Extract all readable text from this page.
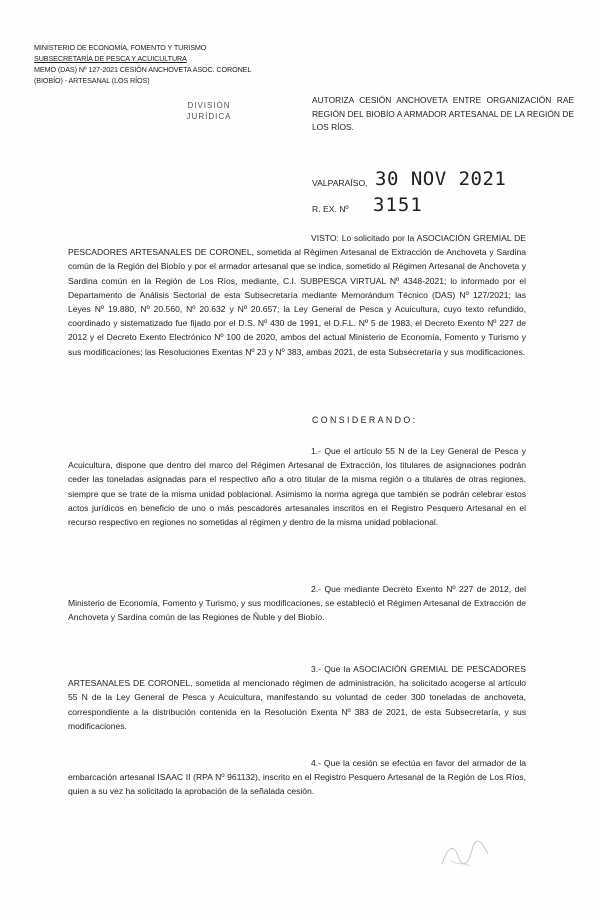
MINISTERIO DE ECONOMÍA, FOMENTO Y TURISMO
SUBSECRETARÍA DE PESCA Y ACUICULTURA
MEMO (DAS) Nº 127-2021 CESIÓN ANCHOVETA ASOC. CORONEL
(BIOBÍO) - ARTESANAL (LOS RÍOS)
DIVISIÓN
JURÍDICA
AUTORIZA CESIÓN ANCHOVETA ENTRE ORGANIZACIÓN RAE REGIÓN DEL BIOBÍO A ARMADOR ARTESANAL DE LA REGIÓN DE LOS RÍOS.
VALPARAÍSO, 30 NOV 2021
R. EX. Nº 3151
VISTO: Lo solicitado por la ASOCIACIÓN GREMIAL DE PESCADORES ARTESANALES DE CORONEL, sometida al Régimen Artesanal de Extracción de Anchoveta y Sardina común de la Región del Biobío y por el armador artesanal que se indica, sometido al Régimen Artesanal de Anchoveta y Sardina común en la Región de Los Ríos, mediante, C.I. SUBPESCA VIRTUAL Nº 4348-2021; lo informado por el Departamento de Análisis Sectorial de esta Subsecretaría mediante Memorándum Técnico (DAS) Nº 127/2021; las Leyes Nº 19.880, Nº 20.560, Nº 20.632 y Nº 20.657; la Ley General de Pesca y Acuicultura, cuyo texto refundido, coordinado y sistematizado fue fijado por el D.S. Nº 430 de 1991, el D.F.L. Nº 5 de 1983, el Decreto Exento Nº 227 de 2012 y el Decreto Exento Electrónico Nº 100 de 2020, ambos del actual Ministerio de Economía, Fomento y Turismo y sus modificaciones; las Resoluciones Exentas Nº 23 y Nº 383, ambas 2021, de esta Subsecretaría y sus modificaciones.
CONSIDERANDO:
1.- Que el artículo 55 N de la Ley General de Pesca y Acuicultura, dispone que dentro del marco del Régimen Artesanal de Extracción, los titulares de asignaciones podrán ceder las toneladas asignadas para el respectivo año a otro titular de la misma región o a titulares de otras regiones, siempre que se trate de la misma unidad poblacional. Asimismo la norma agrega que también se podrán celebrar estos actos jurídicos en beneficio de uno o más pescadores artesanales inscritos en el Registro Pesquero Artesanal en el recurso respectivo en regiones no sometidas al régimen y dentro de la misma unidad poblacional.
2.- Que mediante Decreto Exento Nº 227 de 2012, del Ministerio de Economía, Fomento y Turismo, y sus modificaciones, se estableció el Régimen Artesanal de Extracción de Anchoveta y Sardina común de las Regiones de Ñuble y del Biobío.
3.- Que la ASOCIACIÓN GREMIAL DE PESCADORES ARTESANALES DE CORONEL, sometida al mencionado régimen de administración, ha solicitado acogerse al artículo 55 N de la Ley General de Pesca y Acuicultura, manifestando su voluntad de ceder 300 toneladas de anchoveta, correspondiente a la distribución contenida en la Resolución Exenta Nº 383 de 2021, de esta Subsecretaría, y sus modificaciones.
4.- Que la cesión se efectúa en favor del armador de la embarcación artesanal ISAAC II (RPA Nº 961132), inscrito en el Registro Pesquero Artesanal de la Región de Los Ríos, quien a su vez ha solicitado la aprobación de la señalada cesión.
